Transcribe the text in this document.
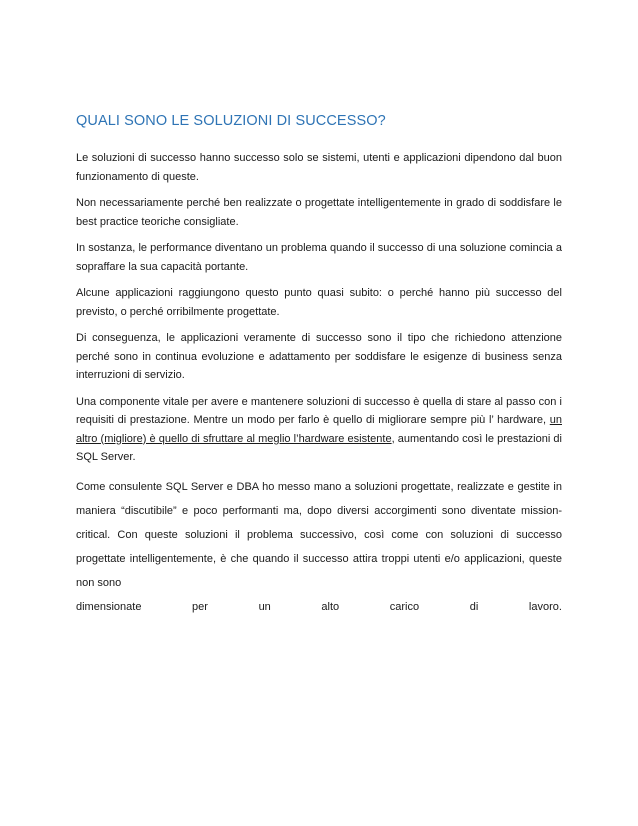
QUALI SONO LE SOLUZIONI DI SUCCESSO?

Le soluzioni di successo hanno successo solo se sistemi, utenti e applicazioni dipendono dal buon funzionamento di queste.

Non necessariamente perché ben realizzate o progettate intelligentemente in grado di soddisfare le best practice teoriche consigliate.

In sostanza, le performance diventano un problema quando il successo di una soluzione comincia a sopraffare la sua capacità portante.

Alcune applicazioni raggiungono questo punto quasi subito: o perché hanno più successo del previsto, o perché orribilmente progettate.

Di conseguenza, le applicazioni veramente di successo sono il tipo che richiedono attenzione perché sono in continua evoluzione e adattamento per soddisfare le esigenze di business senza interruzioni di servizio.

Una componente vitale per avere e mantenere soluzioni di successo è quella di stare al passo con i requisiti di prestazione. Mentre un modo per farlo è quello di migliorare sempre più l’ hardware, un altro (migliore) è quello di sfruttare al meglio l’hardware esistente, aumentando così le prestazioni di SQL Server.

Come consulente SQL Server e DBA ho messo mano a soluzioni progettate, realizzate e gestite in maniera “discutibile” e poco performanti ma, dopo diversi accorgimenti sono diventate mission-critical. Con queste soluzioni il problema successivo, così come con soluzioni di successo progettate intelligentemente, è che quando il successo attira troppi utenti e/o applicazioni, queste non sono

dimensionate	per	un	alto	carico	di	lavoro.
